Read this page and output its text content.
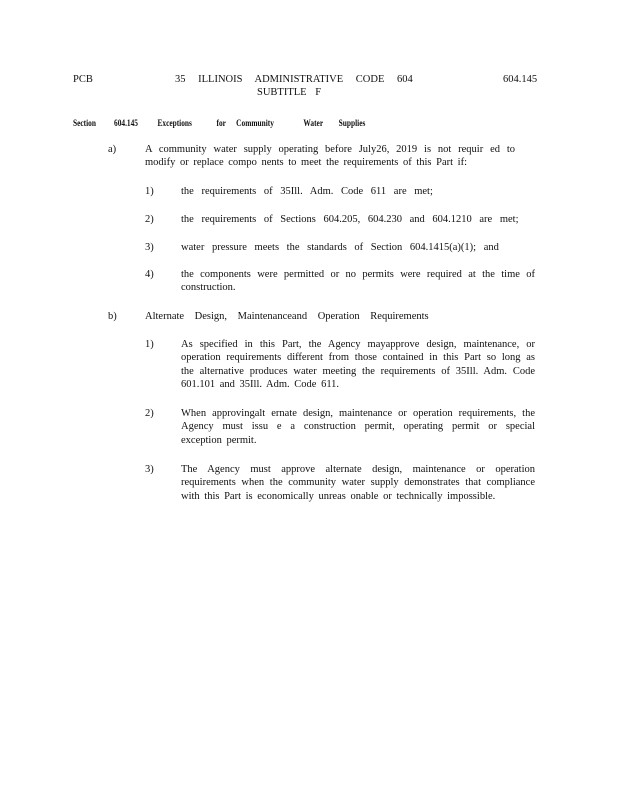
PCB	35 ILLINOIS ADMINISTRATIVE CODE 604
SUBTITLE F
604.145
Section 604.145 Exceptions	for Community	Water Supplies
a)	A community water supply operating before July26, 2019 is not requir ed to modify or replace compo nents to meet the requirements of this Part if:
1)	the requirements of 35Ill. Adm. Code 611 are met;
2)	the requirements of Sections 604.205, 604.230 and 604.1210 are met;
3)	water pressure meets the standards of Section 604.1415(a)(1); and
4)	the components were permitted or no permits were required at the time of construction.
b)	Alternate Design, Maintenanceand Operation Requirements
1)	As specified in this Part, the Agency mayapprove design, maintenance, or operation requirements different from those contained in this Part so long as the alternative produces water meeting the requirements of 35Ill. Adm. Code 601.101 and 35Ill. Adm. Code 611.
2)	When approvingalt ernate design, maintenance or operation requirements, the Agency must issu e a construction permit, operating permit or special exception permit.
3)	The Agency must approve alternate design, maintenance or operation requirements when the community water supply demonstrates that compliance with this Part is economically unreas onable or technically impossible.
